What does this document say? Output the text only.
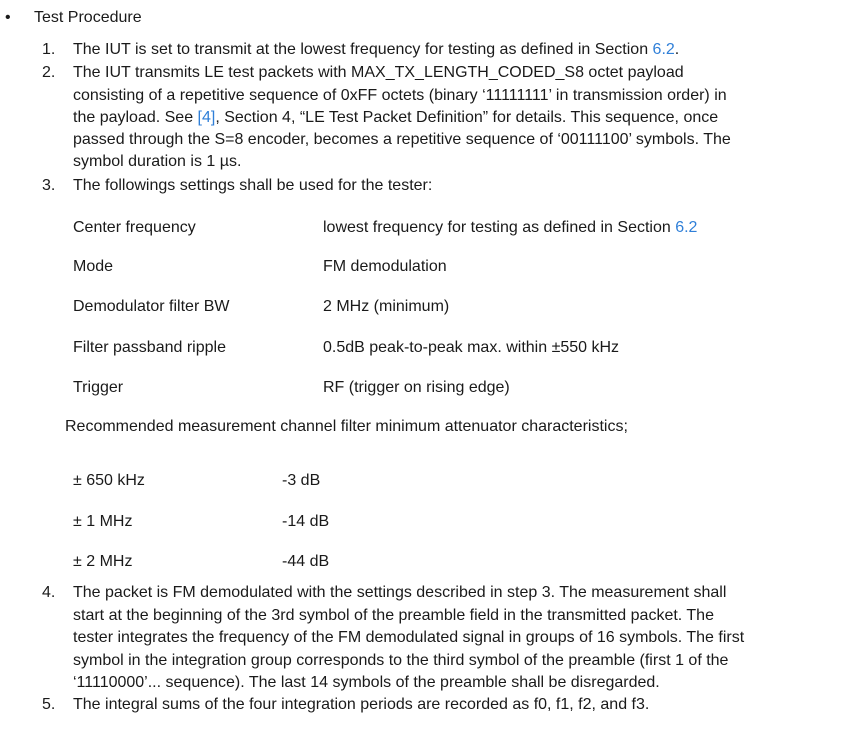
• Test Procedure
1. The IUT is set to transmit at the lowest frequency for testing as defined in Section 6.2.
2. The IUT transmits LE test packets with MAX_TX_LENGTH_CODED_S8 octet payload
consisting of a repetitive sequence of 0xFF octets (binary ‘11111111’ in transmission order) in
the payload. See [4], Section 4, “LE Test Packet Definition” for details. This sequence, once
passed through the S=8 encoder, becomes a repetitive sequence of ‘00111100’ symbols. The
symbol duration is 1 µs.
3. The followings settings shall be used for the tester:
4. The packet is FM demodulated with the settings described in step 3. The measurement shall
start at the beginning of the 3rd symbol of the preamble field in the transmitted packet. The
tester integrates the frequency of the FM demodulated signal in groups of 16 symbols. The first
symbol in the integration group corresponds to the third symbol of the preamble (first 1 of the
‘11110000’... sequence). The last 14 symbols of the preamble shall be disregarded.
5. The integral sums of the four integration periods are recorded as f0, f1, f2, and f3.
Center frequency	lowest frequency for testing as defined in Section 6.2
Mode	FM demodulation
Demodulator filter BW	2 MHz (minimum)
Filter passband ripple	0.5dB peak-to-peak max. within ±550 kHz
Trigger	RF (trigger on rising edge)
Recommended measurement channel filter minimum attenuator characteristics;
± 650 kHz	-3 dB
± 1 MHz	-14 dB
± 2 MHz	-44 dB
